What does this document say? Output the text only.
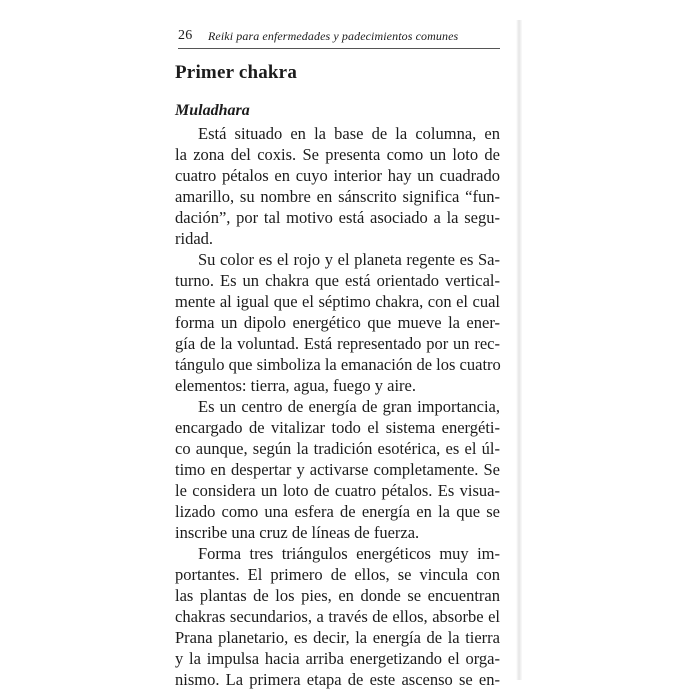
26 Reiki para enfermedades y padecimientos comunes
Primer chakra
Muladhara
Está situado en la base de la columna, en
la zona del coxis. Se presenta como un loto de
cuatro pétalos en cuyo interior hay un cuadrado
amarillo, su nombre en sánscrito significa “fun-
dación”, por tal motivo está asociado a la segu-
ridad.
Su color es el rojo y el planeta regente es Sa-
turno. Es un chakra que está orientado vertical-
mente al igual que el séptimo chakra, con el cual
forma un dipolo energético que mueve la ener-
gía de la voluntad. Está representado por un rec-
tángulo que simboliza la emanación de los cuatro
elementos: tierra, agua, fuego y aire.
Es un centro de energía de gran importancia,
encargado de vitalizar todo el sistema energéti-
co aunque, según la tradición esotérica, es el úl-
timo en despertar y activarse completamente. Se
le considera un loto de cuatro pétalos. Es visua-
lizado como una esfera de energía en la que se
inscribe una cruz de líneas de fuerza.
Forma tres triángulos energéticos muy im-
portantes. El primero de ellos, se vincula con
las plantas de los pies, en donde se encuentran
chakras secundarios, a través de ellos, absorbe el
Prana planetario, es decir, la energía de la tierra
y la impulsa hacia arriba energetizando el orga-
nismo. La primera etapa de este ascenso se en-
